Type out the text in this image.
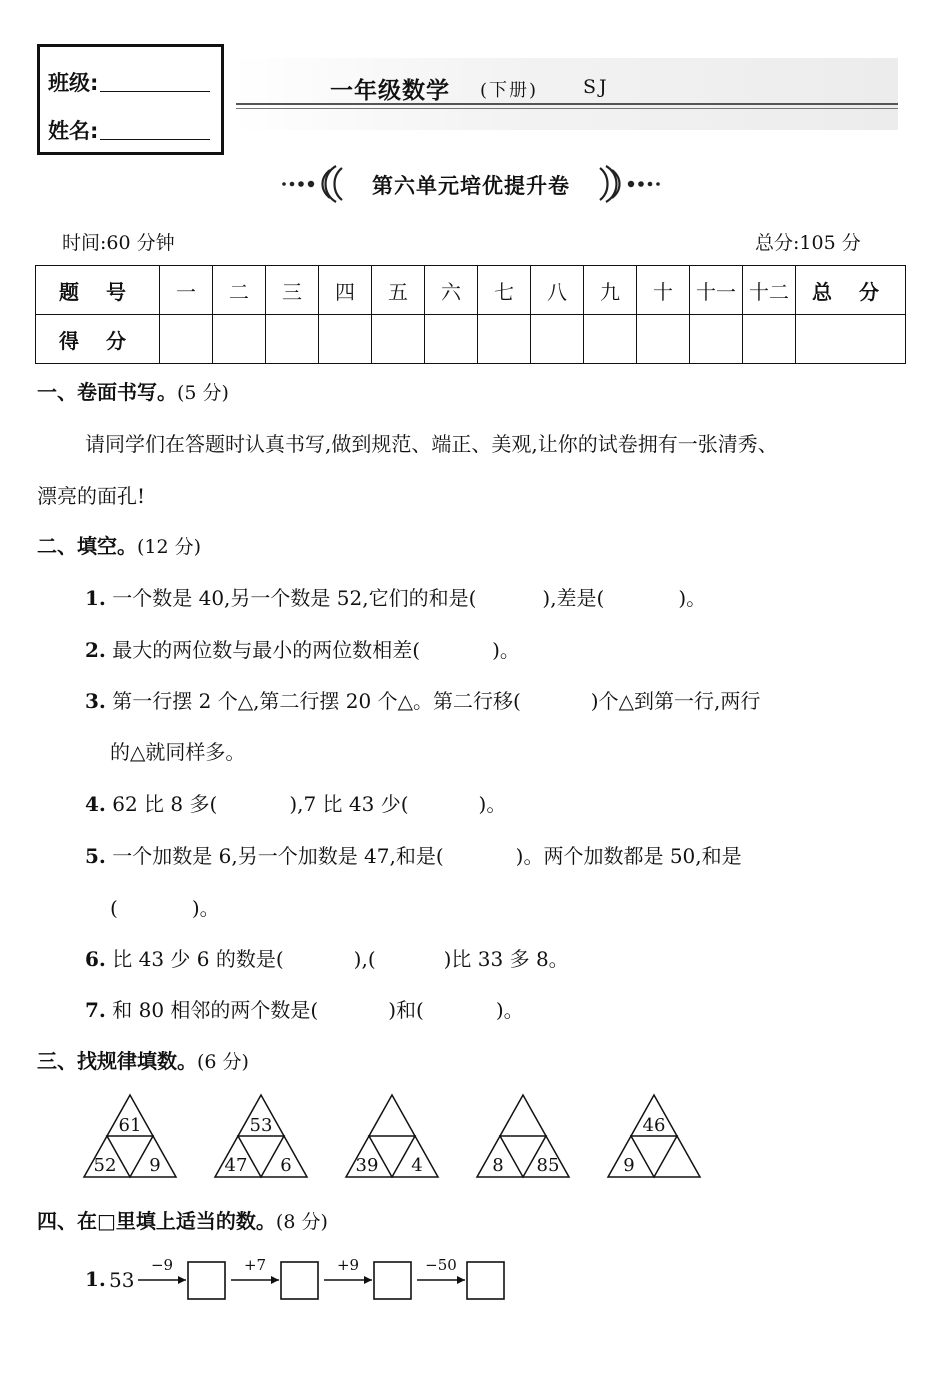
班级:
姓名:
一年级数学 (下册) SJ
第六单元培优提升卷
时间:60 分钟	总分:105 分
题 号	一	二	三	四	五	六	七	八	九	十	十一	十二	总 分
得 分													
一、卷面书写。(5 分)
请同学们在答题时认真书写,做到规范、端正、美观,让你的试卷拥有一张清秀、
漂亮的面孔!
二、填空。(12 分)
1. 一个数是 40,另一个数是 52,它们的和是(	),差是(	)。
2. 最大的两位数与最小的两位数相差(	)。
3. 第一行摆 2 个△,第二行摆 20 个△。第二行移(	)个△到第一行,两行
的△就同样多。
4. 62 比 8 多(	),7 比 43 少(	)。
5. 一个加数是 6,另一个加数是 47,和是(	)。两个加数都是 50,和是
(	)。
6. 比 43 少 6 的数是(	),(	)比 33 多 8。
7. 和 80 相邻的两个数是(	)和(	)。
三、找规律填数。(6 分)
61
52 9
53
47 6	39 4	8 85
46
9
四、在□里填上适当的数。(8 分)
1. 53
−9	+7	+9	−50
